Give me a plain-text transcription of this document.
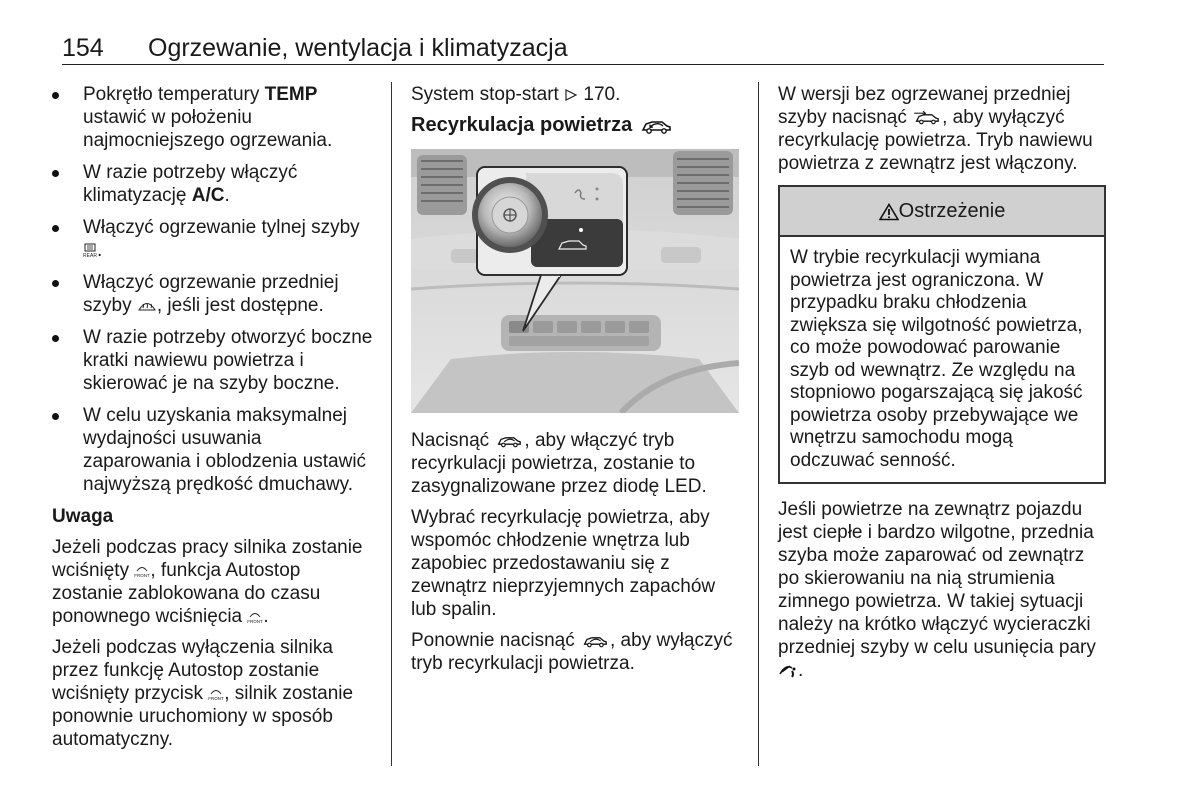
154 Ogrzewanie, wentylacja i klimatyzacja
Pokrętło temperatury TEMP ustawić w położeniu najmocniejszego ogrzewania.
W razie potrzeby włączyć klimatyzację A/C.
Włączyć ogrzewanie tylnej szyby
REAR .
Włączyć ogrzewanie przedniej szyby , jeśli jest dostępne.
W razie potrzeby otworzyć boczne kratki nawiewu powietrza i skierować je na szyby boczne.
W celu uzyskania maksymalnej wydajności usuwania zaparowania i oblodzenia ustawić najwyższą prędkość dmuchawy.

Uwaga

Jeżeli podczas pracy silnika zostanie wciśnięty FRONT , funkcja Autostop zostanie zablokowana do czasu ponownego wciśnięcia FRONT .

Jeżeli podczas wyłączenia silnika przez funkcję Autostop zostanie wciśnięty przycisk FRONT , silnik zostanie ponownie uruchomiony w sposób automatyczny.

System stop-start  170.

Recyrkulacja powietrza

Nacisnąć , aby włączyć tryb recyrkulacji powietrza, zostanie to zasygnalizowane przez diodę LED.

Wybrać recyrkulację powietrza, aby wspomóc chłodzenie wnętrza lub zapobiec przedostawaniu się z zewnątrz nieprzyjemnych zapachów lub spalin.

Ponownie nacisnąć , aby wyłączyć tryb recyrkulacji powietrza.

W wersji bez ogrzewanej przedniej szyby nacisnąć , aby wyłączyć recyrkulację powietrza. Tryb nawiewu powietrza z zewnątrz jest włączony.

Ostrzeżenie
W trybie recyrkulacji wymiana powietrza jest ograniczona. W przypadku braku chłodzenia zwiększa się wilgotność powietrza, co może powodować parowanie szyb od wewnątrz. Ze względu na stopniowo pogarszającą się jakość powietrza osoby przebywające we wnętrzu samochodu mogą odczuwać senność.

Jeśli powietrze na zewnątrz pojazdu jest ciepłe i bardzo wilgotne, przednia szyba może zaparować od zewnątrz po skierowaniu na nią strumienia zimnego powietrza. W takiej sytuacji należy na krótko włączyć wycieraczki przedniej szyby w celu usunięcia pary .
